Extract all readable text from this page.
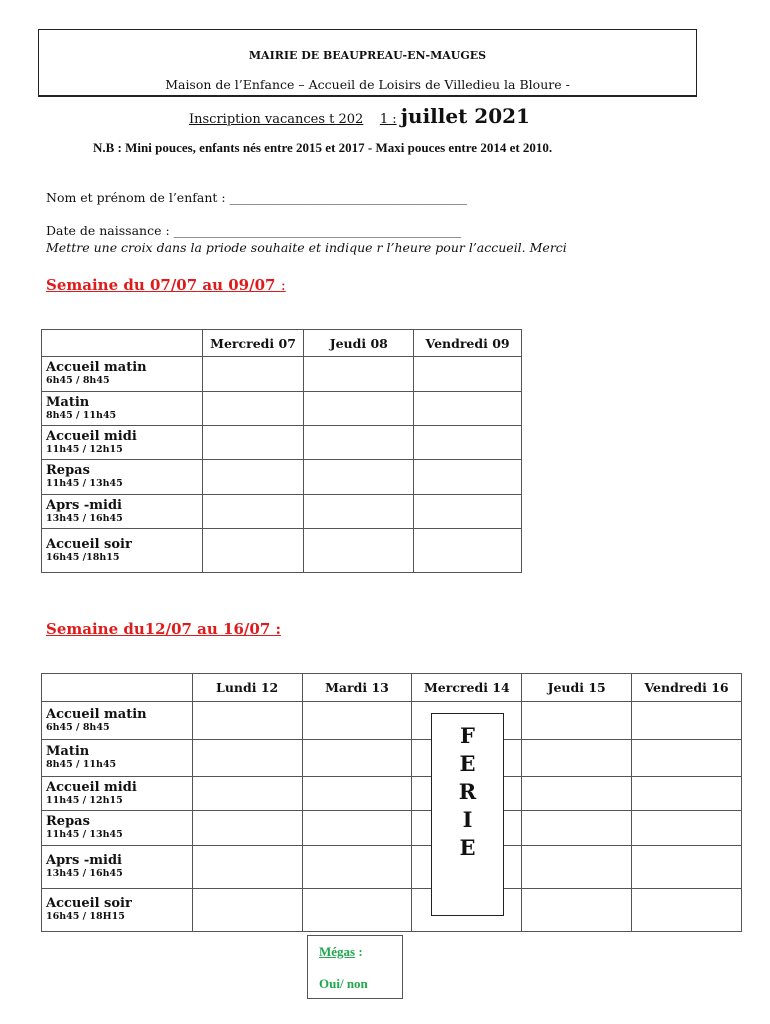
MAIRIE DE BEAUPREAU-EN-MAUGES
Maison de l’Enfance – Accueil de Loisirs de Villedieu la Bloure -
Inscription vacances t 202 1 : juillet 2021
N.B : Mini pouces, enfants nés entre 2015 et 2017 - Maxi pouces entre 2014 et 2010.
Nom et prénom de l’enfant : ______________________________________
Date de naissance : ______________________________________________
Mettre une croix dans la priode souhaite et indique r l’heure pour l’accueil. Merci
Semaine du 07/07 au 09/07 :
	Mercredi 07	Jeudi 08	Vendredi 09

Accueil matin
6h45 / 8h45			

Matin
8h45 / 11h45			

Accueil midi
11h45 / 12h15			

Repas
11h45 / 13h45			

Aprs -midi
13h45 / 16h45			

Accueil soir
16h45 /18h15			

Semaine du12/07 au 16/07 :
	Lundi 12	Mardi 13	Mercredi 14	Jeudi 15	Vendredi 16

Accueil matin
6h45 / 8h45					

Matin
8h45 / 11h45					

Accueil midi
11h45 / 12h15					

Repas
11h45 / 13h45					

Aprs -midi
13h45 / 16h45					

Accueil soir
16h45 / 18H15					

F
E
R
I
E
Mégas :
Oui/ non
